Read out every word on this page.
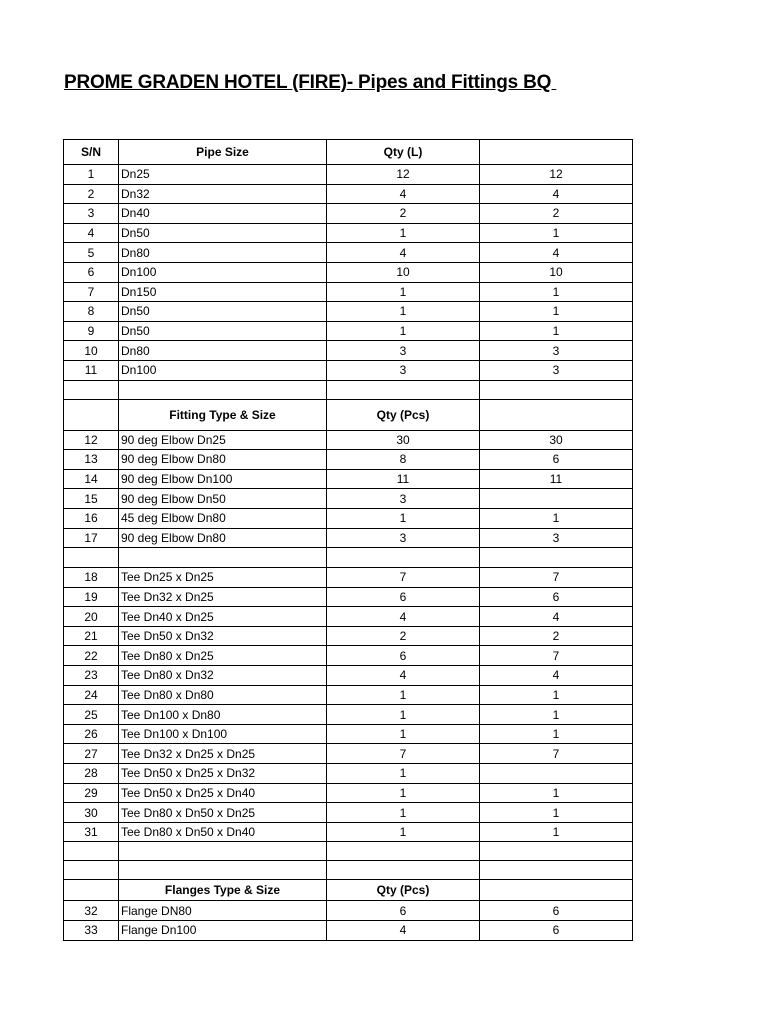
PROME GRADEN HOTEL (FIRE)- Pipes and Fittings BQ
S/N	Pipe Size	Qty (L)	
1	Dn25	12	12
2	Dn32	4	4
3	Dn40	2	2
4	Dn50	1	1
5	Dn80	4	4
6	Dn100	10	10
7	Dn150	1	1
8	Dn50	1	1
9	Dn50	1	1
10	Dn80	3	3
11	Dn100	3	3

	Fitting Type & Size	Qty (Pcs)	
12	90 deg Elbow Dn25	30	30
13	90 deg Elbow Dn80	8	6
14	90 deg Elbow Dn100	11	11
15	90 deg Elbow Dn50	3	
16	45 deg Elbow Dn80	1	1
17	90 deg Elbow Dn80	3	3

18	Tee Dn25 x Dn25	7	7
19	Tee Dn32 x Dn25	6	6
20	Tee Dn40 x Dn25	4	4
21	Tee Dn50 x Dn32	2	2
22	Tee Dn80 x Dn25	6	7
23	Tee Dn80 x Dn32	4	4
24	Tee Dn80 x Dn80	1	1
25	Tee Dn100 x Dn80	1	1
26	Tee Dn100 x Dn100	1	1
27	Tee Dn32 x Dn25 x Dn25	7	7
28	Tee Dn50 x Dn25 x Dn32	1	
29	Tee Dn50 x Dn25 x Dn40	1	1
30	Tee Dn80 x Dn50 x Dn25	1	1
31	Tee Dn80 x Dn50 x Dn40	1	1

	Flanges Type & Size	Qty (Pcs)	
32	Flange DN80	6	6
33	Flange Dn100	4	6
